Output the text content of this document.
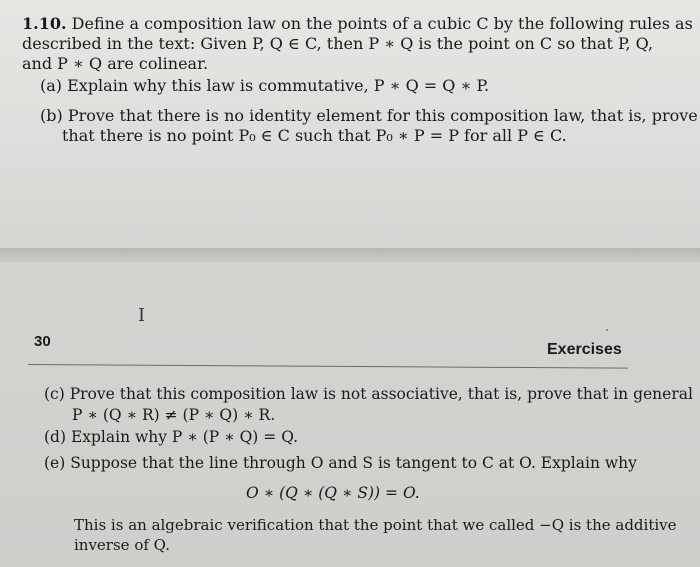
1.10. Define a composition law on the points of a cubic C by the following rules as
described in the text: Given P, Q ∈ C, then P ∗ Q is the point on C so that P, Q,
and P ∗ Q are colinear.
(a) Explain why this law is commutative, P ∗ Q = Q ∗ P.
(b) Prove that there is no identity element for this composition law, that is, prove
that there is no point P₀ ∈ C such that P₀ ∗ P = P for all P ∈ C.
I
30	Exercises
(c) Prove that this composition law is not associative, that is, prove that in general
P ∗ (Q ∗ R) ≠ (P ∗ Q) ∗ R.
(d) Explain why P ∗ (P ∗ Q) = Q.
(e) Suppose that the line through O and S is tangent to C at O. Explain why
O ∗ (Q ∗ (Q ∗ S)) = O.
This is an algebraic verification that the point that we called −Q is the additive
inverse of Q.
